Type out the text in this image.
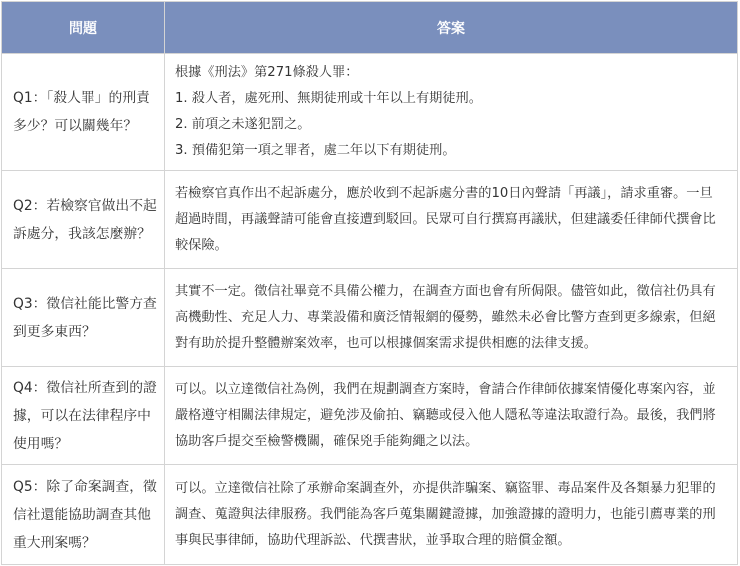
問題	答案
Q1：「殺人罪」的刑責多少？可以關幾年？	根據《刑法》第271條殺人罪：
1. 殺人者，處死刑、無期徒刑或十年以上有期徒刑。
2. 前項之未遂犯罰之。
3. 預備犯第一項之罪者，處二年以下有期徒刑。

Q2：若檢察官做出不起訴處分，我該怎麼辦？	若檢察官真作出不起訴處分，應於收到不起訴處分書的10日內聲請「再議」，請求重審。一旦超過時間，再議聲請可能會直接遭到駁回。民眾可自行撰寫再議狀，但建議委任律師代撰會比較保險。
Q3：徵信社能比警方查到更多東西？	其實不一定。徵信社畢竟不具備公權力，在調查方面也會有所侷限。儘管如此，徵信社仍具有高機動性、充足人力、專業設備和廣泛情報網的優勢，雖然未必會比警方查到更多線索，但絕對有助於提升整體辦案效率，也可以根據個案需求提供相應的法律支援。
Q4：徵信社所查到的證據，可以在法律程序中使用嗎？	可以。以立達徵信社為例，我們在規劃調查方案時，會請合作律師依據案情優化專案內容，並嚴格遵守相關法律規定，避免涉及偷拍、竊聽或侵入他人隱私等違法取證行為。最後，我們將協助客戶提交至檢警機關，確保兇手能夠繩之以法。
Q5：除了命案調查，徵信社還能協助調查其他重大刑案嗎？	可以。立達徵信社除了承辦命案調查外，亦提供詐騙案、竊盜罪、毒品案件及各類暴力犯罪的調查、蒐證與法律服務。我們能為客戶蒐集關鍵證據，加強證據的證明力，也能引薦專業的刑事與民事律師，協助代理訴訟、代撰書狀，並爭取合理的賠償金額。
